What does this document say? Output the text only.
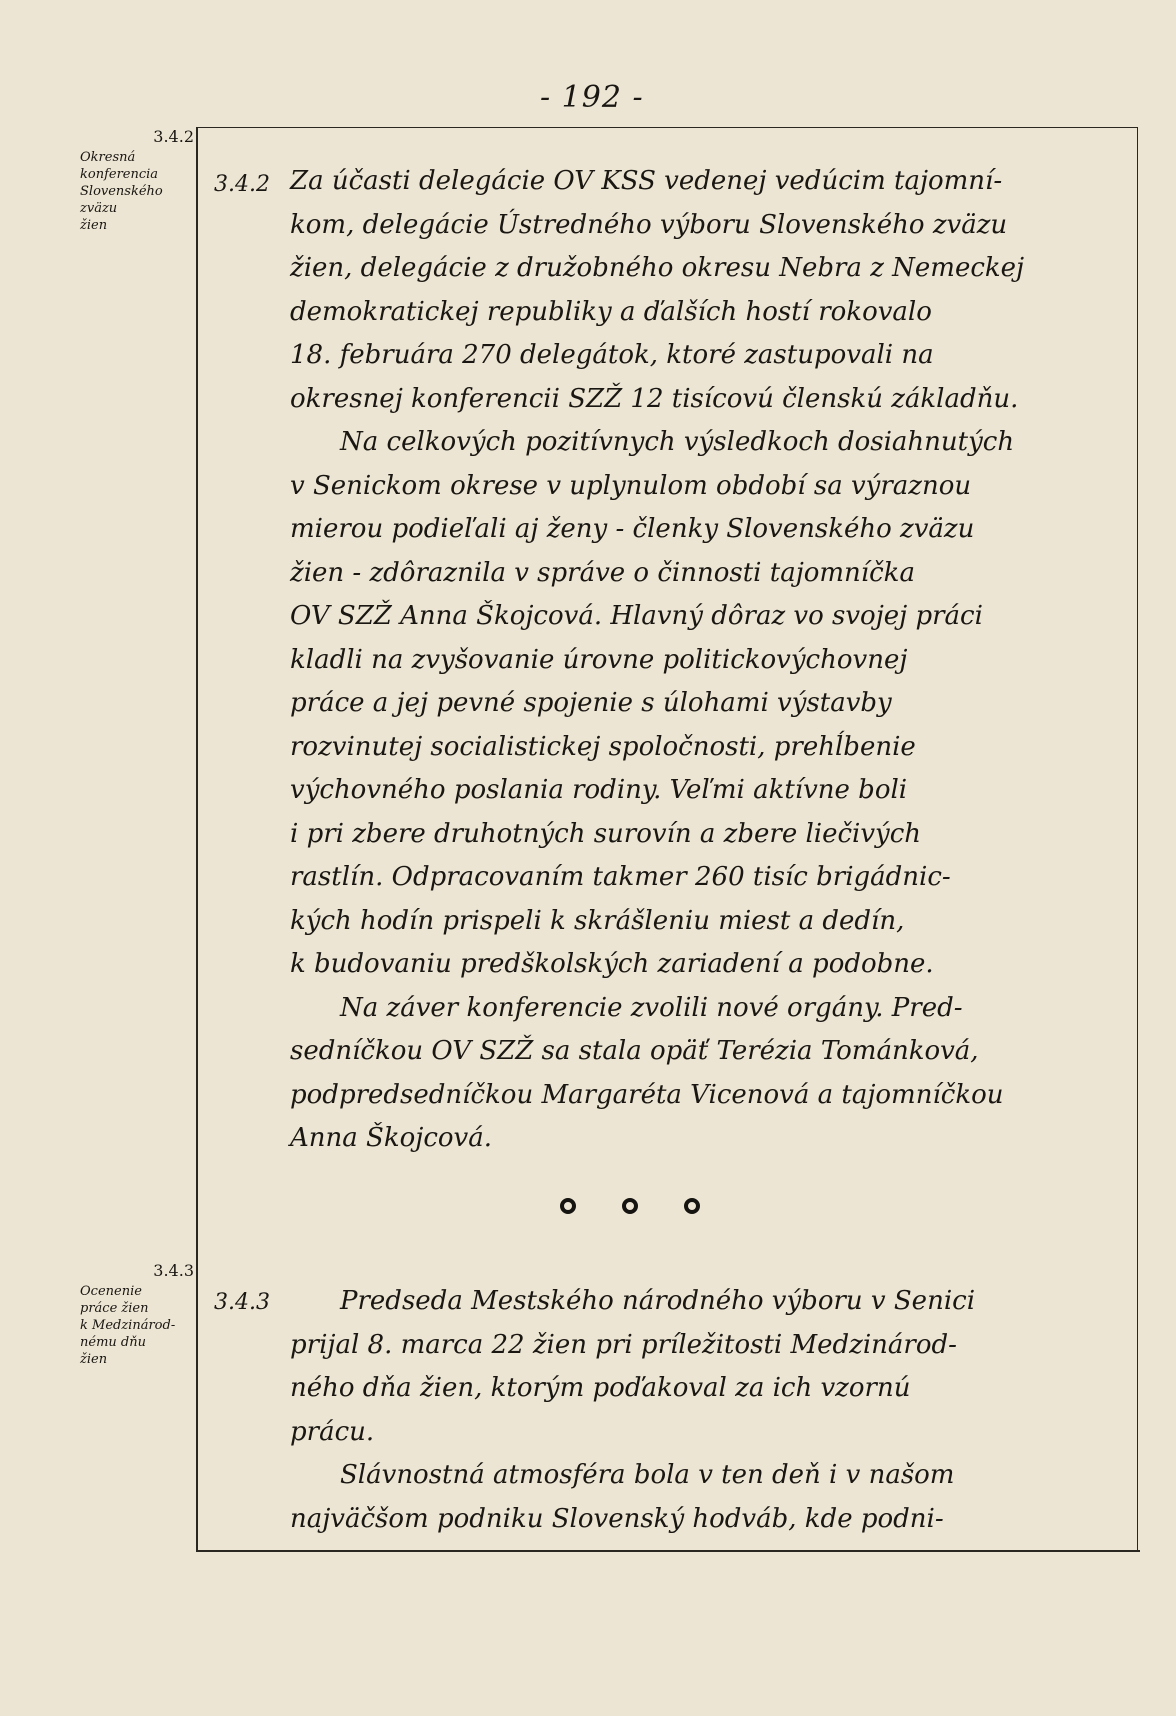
- 192 -
3.4.2
Okresná
konferencia
Slovenského
zväzu
žien
3.4.2 Za účasti delegácie OV KSS vedenej vedúcim tajomní-
kom, delegácie Ústredného výboru Slovenského zväzu
žien, delegácie z družobného okresu Nebra z Nemeckej
demokratickej republiky a ďalších hostí rokovalo
18. februára 270 delegátok, ktoré zastupovali na
okresnej konferencii SZŽ 12 tisícovú členskú základňu.
Na celkových pozitívnych výsledkoch dosiahnutých
v Senickom okrese v uplynulom období sa výraznou
mierou podieľali aj ženy - členky Slovenského zväzu
žien - zdôraznila v správe o činnosti tajomníčka
OV SZŽ Anna Škojcová. Hlavný dôraz vo svojej práci
kladli na zvyšovanie úrovne politickovýchovnej
práce a jej pevné spojenie s úlohami výstavby
rozvinutej socialistickej spoločnosti, prehĺbenie
výchovného poslania rodiny. Veľmi aktívne boli
i pri zbere druhotných surovín a zbere liečivých
rastlín. Odpracovaním takmer 260 tisíc brigádnic-
kých hodín prispeli k skrášleniu miest a dedín,
k budovaniu predškolských zariadení a podobne.
Na záver konferencie zvolili nové orgány. Pred-
sedníčkou OV SZŽ sa stala opäť Terézia Tománková,
podpredsedníčkou Margaréta Vicenová a tajomníčkou
Anna Škojcová.
3.4.3
Ocenenie
práce žien
k Medzinárod-
nému dňu
žien
3.4.3	Predseda Mestského národného výboru v Senici
prijal 8. marca 22 žien pri príležitosti Medzinárod-
ného dňa žien, ktorým poďakoval za ich vzornú
prácu.
Slávnostná atmosféra bola v ten deň i v našom
najväčšom podniku Slovenský hodváb, kde podni-
